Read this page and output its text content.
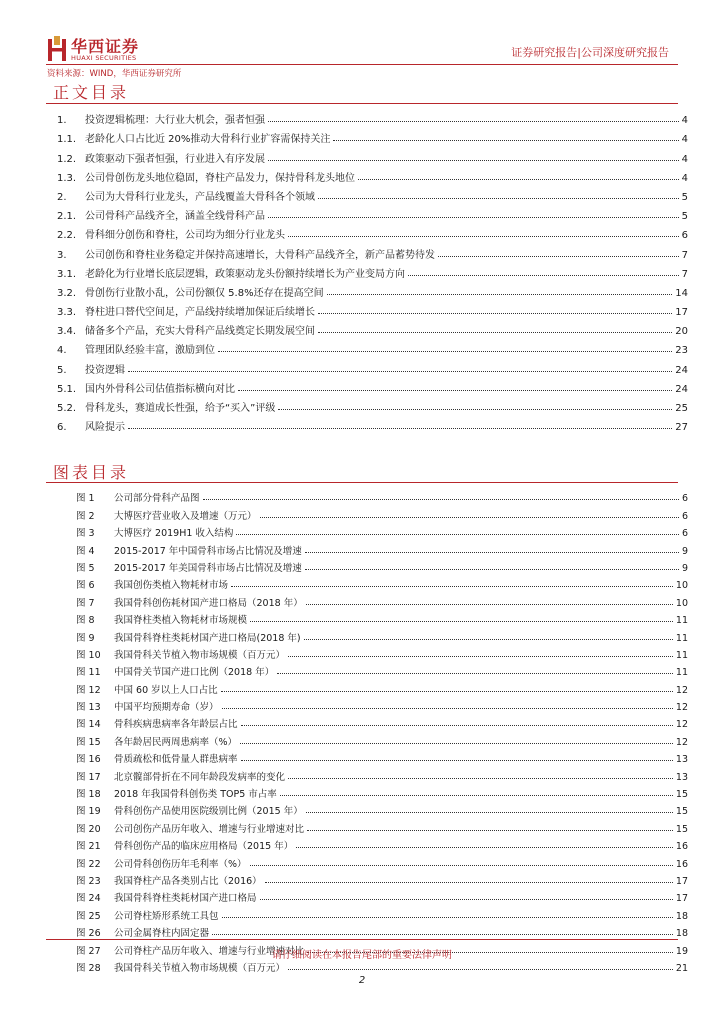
华西证券
HUAXI SECURITIES	证券研究报告|公司深度研究报告
资料来源：WIND，华西证券研究所
正文目录
1.	投资逻辑梳理：大行业大机会，强者恒强	4
1.1. 老龄化人口占比近 20%推动大骨科行业扩容需保持关注	4
1.2. 政策驱动下强者恒强，行业进入有序发展	4
1.3. 公司骨创伤龙头地位稳固，脊柱产品发力，保持骨科龙头地位	4
2.	公司为大骨科行业龙头，产品线覆盖大骨科各个领域	5
2.1. 公司骨科产品线齐全，涵盖全线骨科产品	5
2.2. 骨科细分创伤和脊柱，公司均为细分行业龙头	6
3.	公司创伤和脊柱业务稳定并保持高速增长，大骨科产品线齐全，新产品蓄势待发	7
3.1. 老龄化为行业增长底层逻辑，政策驱动龙头份额持续增长为产业变局方向	7
3.2. 骨创伤行业散小乱，公司份额仅 5.8%还存在提高空间	14
3.3. 脊柱进口替代空间足，产品线持续增加保证后续增长	17
3.4. 储备多个产品，充实大骨科产品线奠定长期发展空间	20
4.	管理团队经验丰富，激励到位	23
5.	投资逻辑	24
5.1. 国内外骨科公司估值指标横向对比	24
5.2. 骨科龙头，赛道成长性强，给予“买入”评级	25
6.	风险提示	27
图表目录
图 1	公司部分骨科产品图	6
图 2	大博医疗营业收入及增速（万元）	6
图 3	大博医疗 2019H1 收入结构	6
图 4	2015-2017 年中国骨科市场占比情况及增速	9
图 5	2015-2017 年美国骨科市场占比情况及增速	9
图 6	我国创伤类植入物耗材市场	10
图 7	我国骨科创伤耗材国产进口格局（2018 年）	10
图 8	我国脊柱类植入物耗材市场规模	11
图 9	我国骨科脊柱类耗材国产进口格局(2018 年)	11
图 10	我国骨科关节植入物市场规模（百万元）	11
图 11	中国骨关节国产进口比例（2018 年）	11
图 12	中国 60 岁以上人口占比	12
图 13	中国平均预期寿命（岁）	12
图 14	骨科疾病患病率各年龄层占比	12
图 15	各年龄居民两周患病率（%）	12
图 16	骨质疏松和低骨量人群患病率	13
图 17	北京髋部骨折在不同年龄段发病率的变化	13
图 18	2018 年我国骨科创伤类 TOP5 市占率	15
图 19	骨科创伤产品使用医院级别比例（2015 年）	15
图 20	公司创伤产品历年收入、增速与行业增速对比	15
图 21	骨科创伤产品的临床应用格局（2015 年）	16
图 22	公司骨科创伤历年毛利率（%）	16
图 23	我国脊柱产品各类别占比（2016）	17
图 24	我国骨科脊柱类耗材国产进口格局	17
图 25	公司脊柱矫形系统工具包	18
图 26	公司金属脊柱内固定器	18
图 27	公司脊柱产品历年收入、增速与行业增速对比	19
图 28	我国骨科关节植入物市场规模（百万元）	21
请仔细阅读在本报告尾部的重要法律声明
2
